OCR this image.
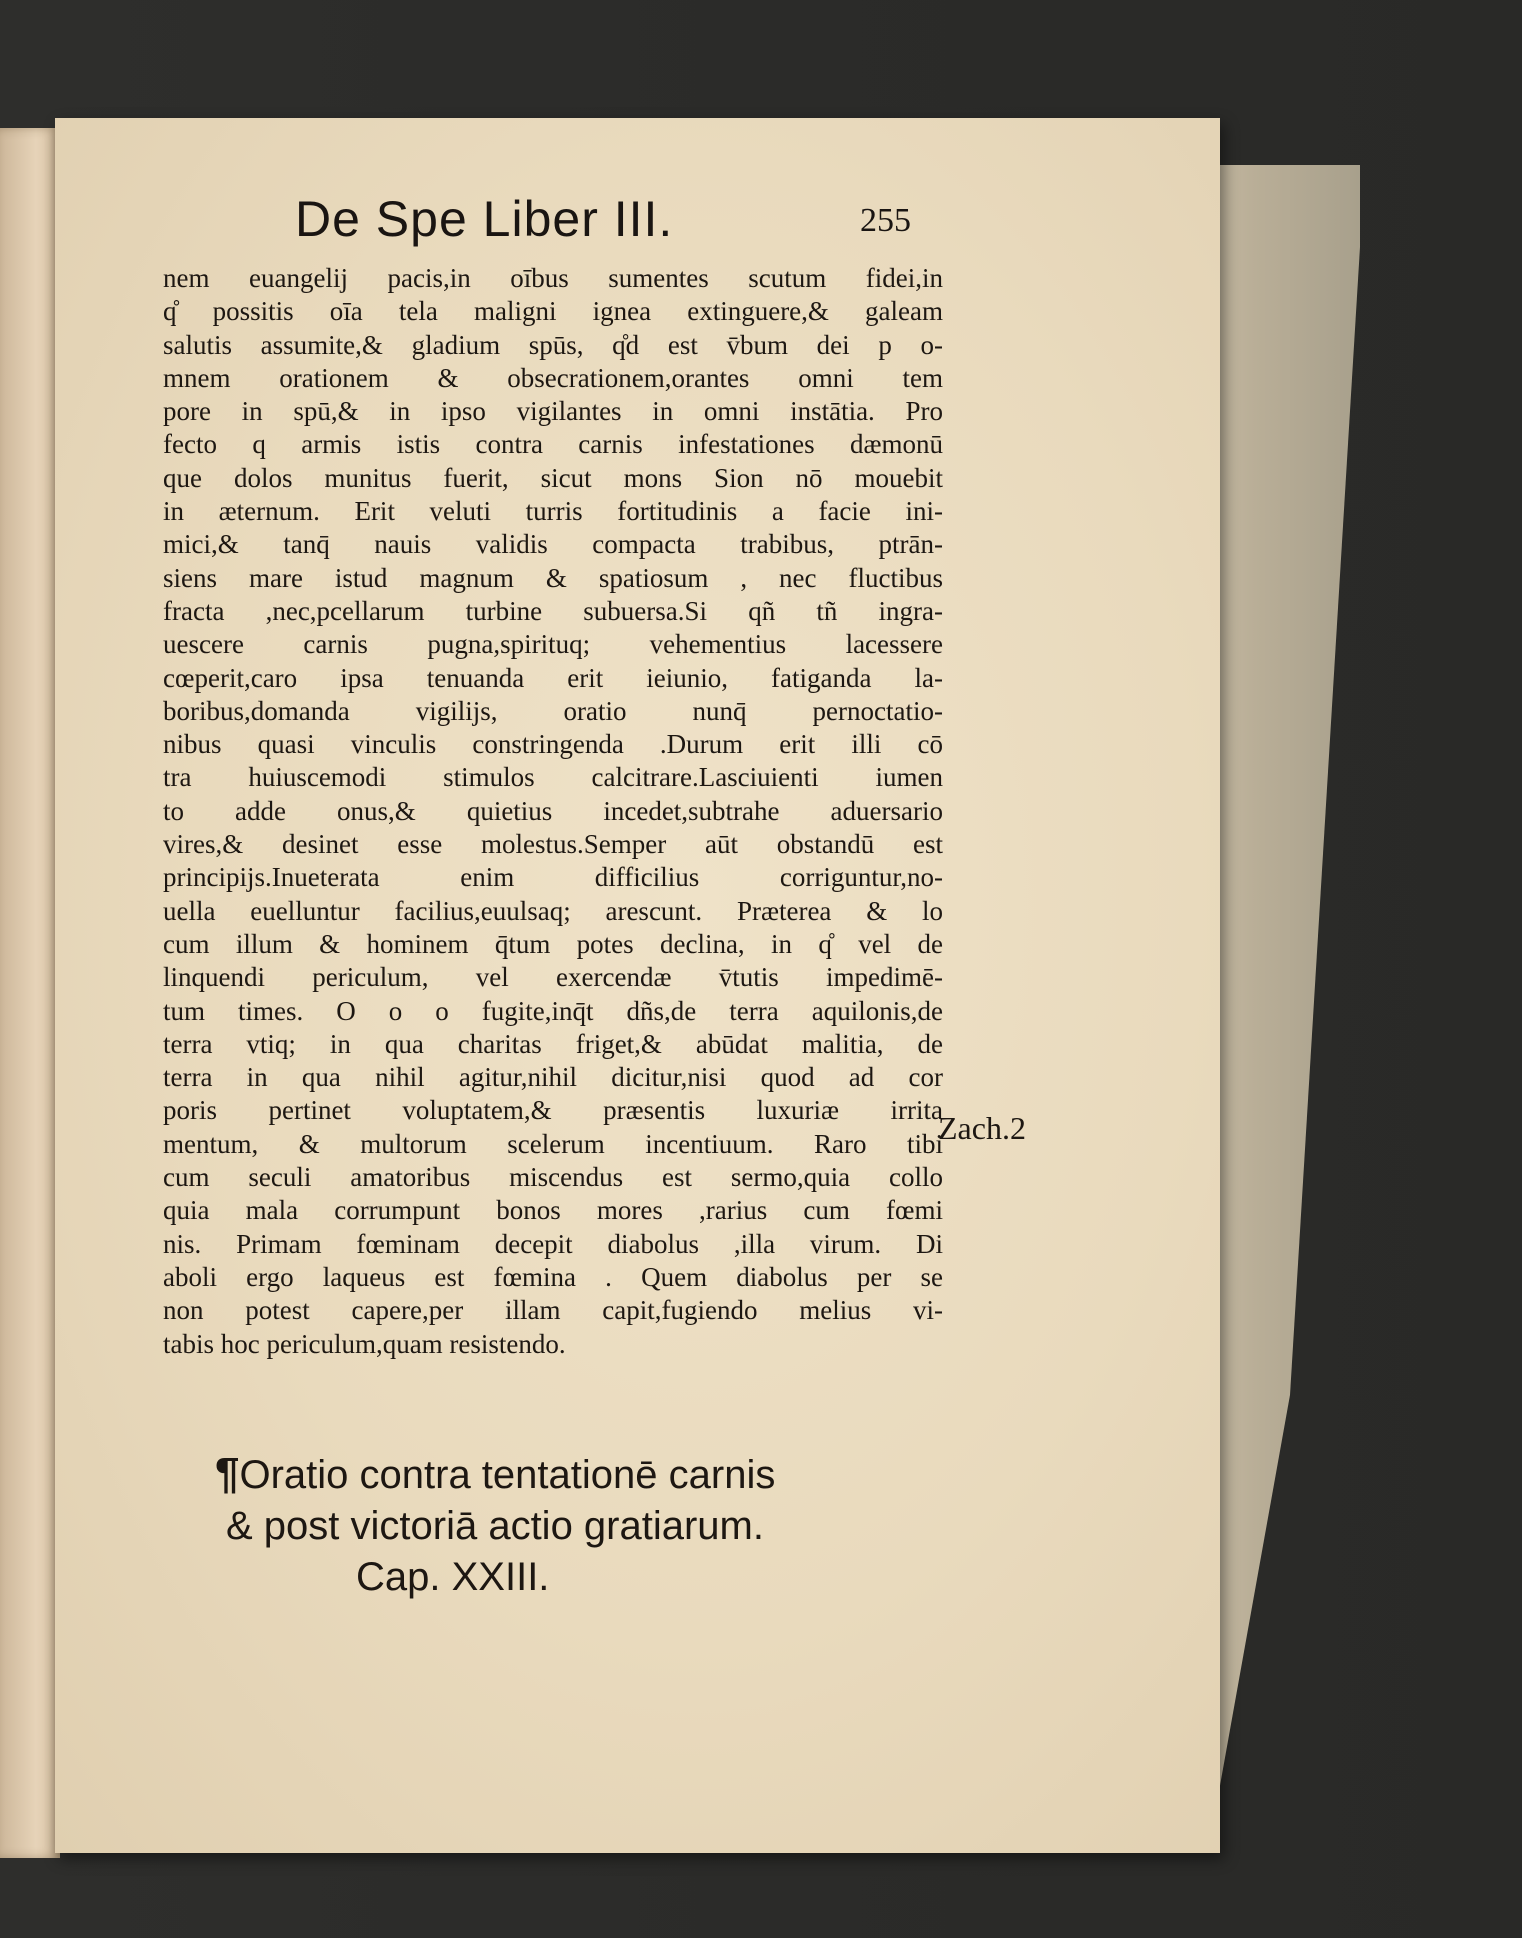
De Spe Liber III.	255
nem euangelij pacis,in oībus sumentes scutum fidei,in
q̊ possitis oīa tela maligni ignea extinguere,& galeam
salutis assumite,& gladium spūs, q̊d est v̄bum dei p o-
mnem orationem & obsecrationem,orantes omni tem
pore in spū,& in ipso vigilantes in omni instātia. Pro
fecto q armis istis contra carnis infestationes dæmonū
que dolos munitus fuerit, sicut mons Sion nō mouebit
in æternum. Erit veluti turris fortitudinis a facie ini-
mici,& tanq̄ nauis validis compacta trabibus, ptrān-
siens mare istud magnum & spatiosum , nec fluctibus
fracta ,nec,pcellarum turbine subuersa.Si qñ tñ ingra-
uescere carnis pugna,spirituq; vehementius lacessere
cœperit,caro ipsa tenuanda erit ieiunio, fatiganda la-
boribus,domanda vigilijs, oratio nunq̄ pernoctatio-
nibus quasi vinculis constringenda .Durum erit illi cō
tra huiuscemodi stimulos calcitrare.Lasciuienti iumen
to adde onus,& quietius incedet,subtrahe aduersario
vires,& desinet esse molestus.Semper aūt obstandū est
principijs.Inueterata enim difficilius corriguntur,no-
uella euelluntur facilius,euulsaq; arescunt. Præterea & lo
cum illum & hominem q̄tum potes declina, in q̊ vel de
linquendi periculum, vel exercendæ v̄tutis impedimē-
tum times. O o o fugite,inq̄t dñs,de terra aquilonis,de
terra vtiq; in qua charitas friget,& abūdat malitia, de
terra in qua nihil agitur,nihil dicitur,nisi quod ad cor
poris pertinet voluptatem,& præsentis luxuriæ irrita
mentum, & multorum scelerum incentiuum. Raro tibi
cum seculi amatoribus miscendus est sermo,quia collo
quia mala corrumpunt bonos mores ,rarius cum fœmi
nis. Primam fœminam decepit diabolus ,illa virum. Di
aboli ergo laqueus est fœmina . Quem diabolus per se
non potest capere,per illam capit,fugiendo melius vi-
tabis hoc periculum,quam resistendo.
Zach.2
¶Oratio contra tentationē carnis
& post victoriā actio gratiarum.
Cap. XXIII.
